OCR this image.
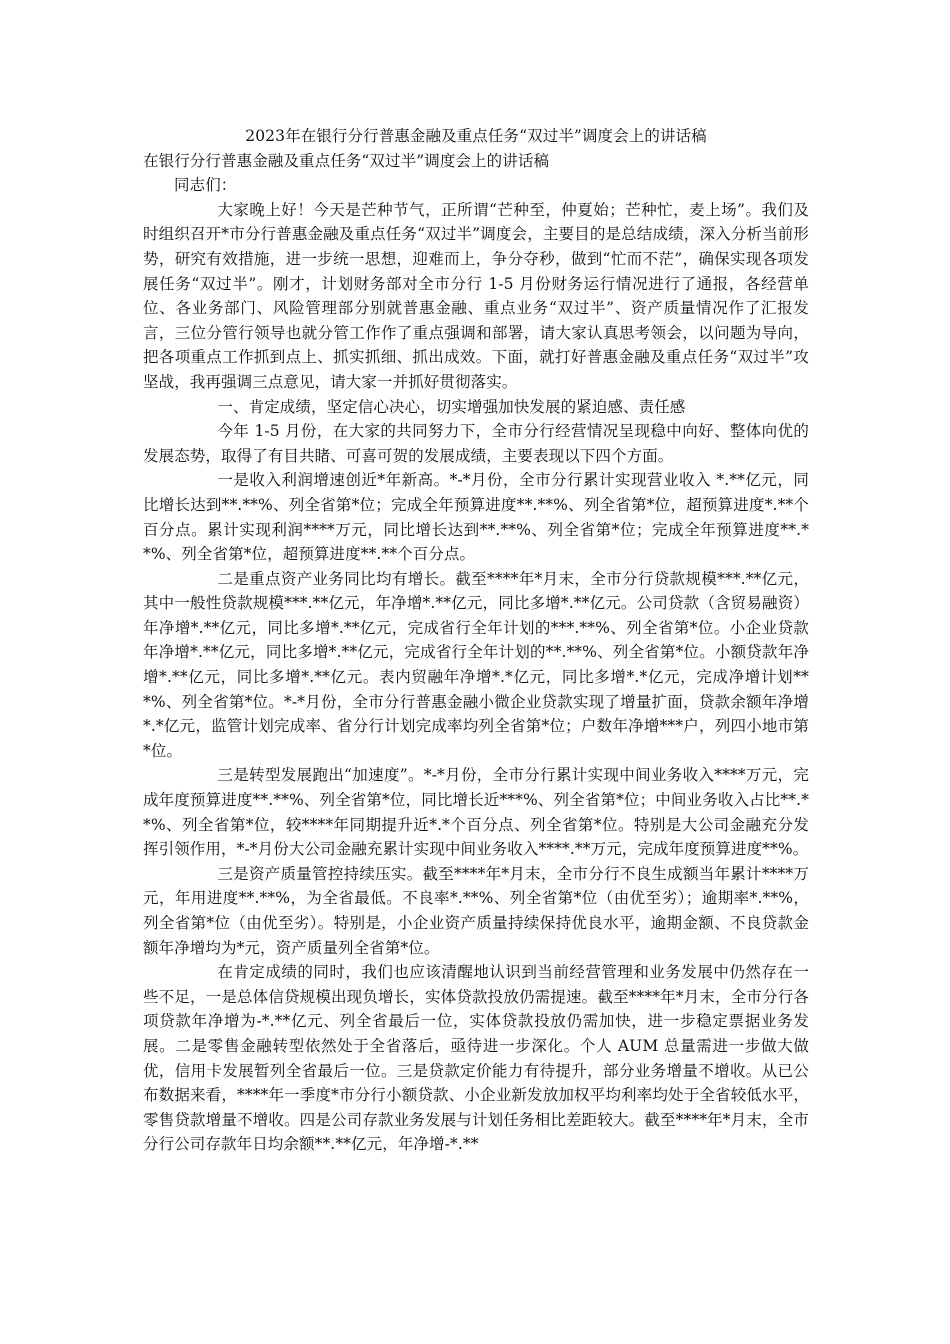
2023年在银行分行普惠金融及重点任务“双过半”调度会上的讲话稿

在银行分行普惠金融及重点任务“双过半”调度会上的讲话稿

同志们：

大家晚上好！今天是芒种节气，正所谓“芒种至，仲夏始；芒种忙，麦上场”。我们及时组织召开*市分行普惠金融及重点任务“双过半”调度会，主要目的是总结成绩，深入分析当前形势，研究有效措施，进一步统一思想，迎难而上，争分夺秒，做到“忙而不茫”，确保实现各项发展任务“双过半”。刚才，计划财务部对全市分行 1-5 月份财务运行情况进行了通报，各经营单位、各业务部门、风险管理部分别就普惠金融、重点业务“双过半”、资产质量情况作了汇报发言，三位分管行领导也就分管工作作了重点强调和部署，请大家认真思考领会，以问题为导向，把各项重点工作抓到点上、抓实抓细、抓出成效。下面，就打好普惠金融及重点任务“双过半”攻坚战，我再强调三点意见，请大家一并抓好贯彻落实。

一、肯定成绩，坚定信心决心，切实增强加快发展的紧迫感、责任感

今年 1-5 月份，在大家的共同努力下，全市分行经营情况呈现稳中向好、整体向优的发展态势，取得了有目共睹、可喜可贺的发展成绩，主要表现以下四个方面。

一是收入利润增速创近*年新高。*-*月份，全市分行累计实现营业收入 *.**亿元，同比增长达到**.**%、列全省第*位；完成全年预算进度**.**%、列全省第*位，超预算进度*.**个百分点。累计实现利润****万元，同比增长达到**.**%、列全省第*位；完成全年预算进度**.**%、列全省第*位，超预算进度**.**个百分点。

二是重点资产业务同比均有增长。截至****年*月末，全市分行贷款规模***.**亿元，其中一般性贷款规模***.**亿元，年净增*.**亿元，同比多增*.**亿元。公司贷款（含贸易融资）年净增*.**亿元，同比多增*.**亿元，完成省行全年计划的***.**%、列全省第*位。小企业贷款年净增*.**亿元，同比多增*.**亿元，完成省行全年计划的**.**%、列全省第*位。小额贷款年净增*.**亿元，同比多增*.**亿元。表内贸融年净增*.*亿元，同比多增*.*亿元，完成净增计划***%、列全省第*位。*-*月份，全市分行普惠金融小微企业贷款实现了增量扩面，贷款余额年净增*.*亿元，监管计划完成率、省分行计划完成率均列全省第*位；户数年净增***户，列四小地市第*位。

三是转型发展跑出“加速度”。*-*月份，全市分行累计实现中间业务收入****万元，完成年度预算进度**.**%、列全省第*位，同比增长近***%、列全省第*位；中间业务收入占比**.**%、列全省第*位，较****年同期提升近*.*个百分点、列全省第*位。特别是大公司金融充分发挥引领作用，*-*月份大公司金融充累计实现中间业务收入****.**万元，完成年度预算进度**%。

三是资产质量管控持续压实。截至****年*月末，全市分行不良生成额当年累计****万元，年用进度**.**%，为全省最低。不良率*.**%、列全省第*位（由优至劣）；逾期率*.**%，列全省第*位（由优至劣）。特别是，小企业资产质量持续保持优良水平，逾期金额、不良贷款金额年净增均为*元，资产质量列全省第*位。

在肯定成绩的同时，我们也应该清醒地认识到当前经营管理和业务发展中仍然存在一些不足，一是总体信贷规模出现负增长，实体贷款投放仍需提速。截至****年*月末，全市分行各项贷款年净增为-*.**亿元、列全省最后一位，实体贷款投放仍需加快，进一步稳定票据业务发展。二是零售金融转型依然处于全省落后，亟待进一步深化。个人 AUM 总量需进一步做大做优，信用卡发展暂列全省最后一位。三是贷款定价能力有待提升，部分业务增量不增收。从已公布数据来看，****年一季度*市分行小额贷款、小企业新发放加权平均利率均处于全省较低水平，零售贷款增量不增收。四是公司存款业务发展与计划任务相比差距较大。截至****年*月末，全市分行公司存款年日均余额**.**亿元，年净增-*.**
